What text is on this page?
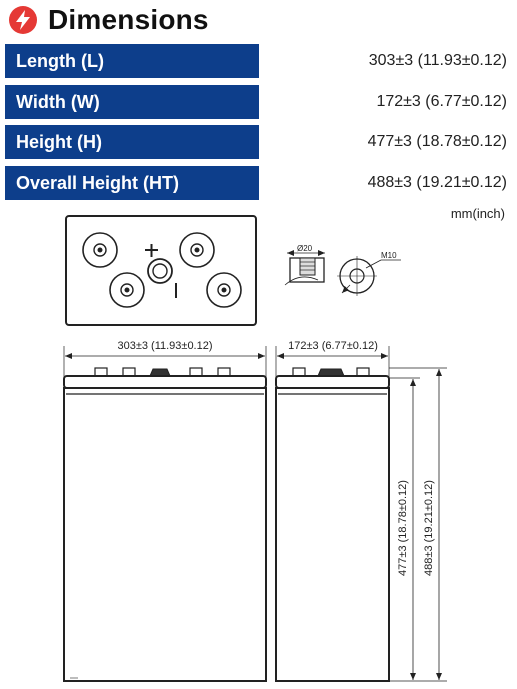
Dimensions
Length (L)	303±3 (11.93±0.12)
Width (W)	172±3 (6.77±0.12)
Height (H)	477±3 (18.78±0.12)
Overall Height (HT)	488±3 (19.21±0.12)
mm(inch)
Ø20
M10
303±3 (11.93±0.12)	172±3 (6.77±0.12)
477±3 (18.78±0.12) 488±3 (19.21±0.12)
